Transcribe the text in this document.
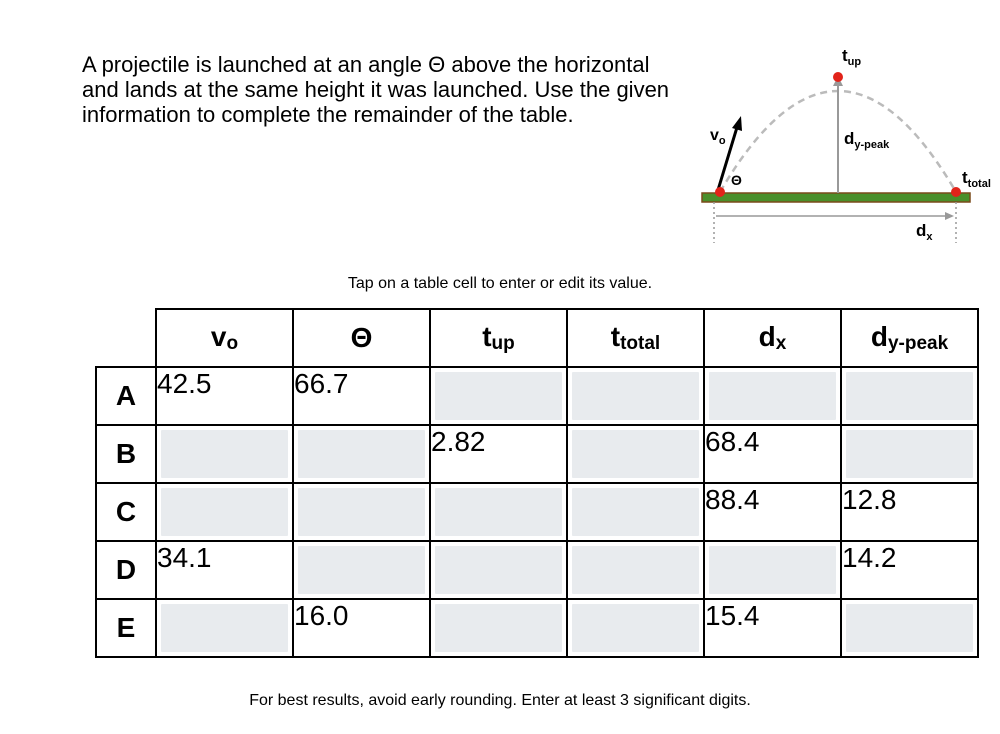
A projectile is launched at an angle Θ above the horizontal and lands at the same height it was launched. Use the given information to complete the remainder of the table.

$t_{up}$
$v_o$
Θ
$d_{y-peak}$
$t_{total}$
$d_x$
Tap on a table cell to enter or edit its value.
	$v_o$	Θ	$t_{up}$	$t_{total}$	$d_x$	$d_{y-peak}$
A	42.5	66.7				
B			2.82		68.4	
C					88.4	12.8
D	34.1					14.2
E		16.0			15.4	
For best results, avoid early rounding. Enter at least 3 significant digits.
